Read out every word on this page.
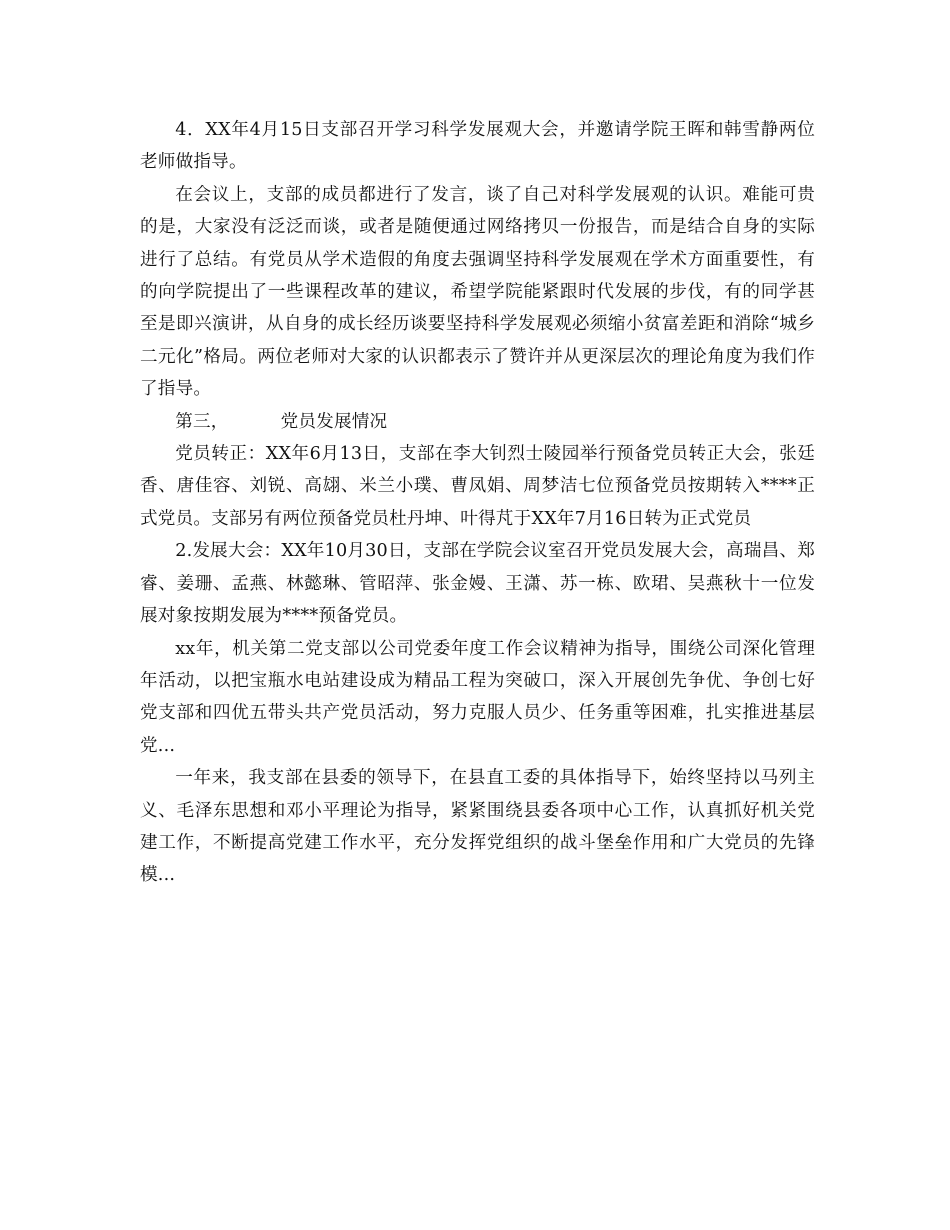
4．XX年4月15日支部召开学习科学发展观大会，并邀请学院王晖和韩雪静两位老师做指导。

在会议上，支部的成员都进行了发言，谈了自己对科学发展观的认识。难能可贵的是，大家没有泛泛而谈，或者是随便通过网络拷贝一份报告，而是结合自身的实际进行了总结。有党员从学术造假的角度去强调坚持科学发展观在学术方面重要性，有的向学院提出了一些课程改革的建议，希望学院能紧跟时代发展的步伐，有的同学甚至是即兴演讲，从自身的成长经历谈要坚持科学发展观必须缩小贫富差距和消除“城乡二元化”格局。两位老师对大家的认识都表示了赞许并从更深层次的理论角度为我们作了指导。

第三，	党员发展情况

党员转正：XX年6月13日，支部在李大钊烈士陵园举行预备党员转正大会，张廷香、唐佳容、刘锐、高翃、米兰小璞、曹凤娟、周梦洁七位预备党员按期转入****正式党员。支部另有两位预备党员杜丹坤、叶得芃于XX年7月16日转为正式党员

2.发展大会：XX年10月30日，支部在学院会议室召开党员发展大会，高瑞昌、郑睿、姜珊、孟燕、林懿琳、管昭萍、张金嫚、王潇、苏一栋、欧珺、吴燕秋十一位发展对象按期发展为****预备党员。

xx年，机关第二党支部以公司党委年度工作会议精神为指导，围绕公司深化管理年活动，以把宝瓶水电站建设成为精品工程为突破口，深入开展创先争优、争创七好党支部和四优五带头共产党员活动，努力克服人员少、任务重等困难，扎实推进基层党...

一年来，我支部在县委的领导下，在县直工委的具体指导下，始终坚持以马列主义、毛泽东思想和邓小平理论为指导，紧紧围绕县委各项中心工作，认真抓好机关党建工作，不断提高党建工作水平，充分发挥党组织的战斗堡垒作用和广大党员的先锋模...
